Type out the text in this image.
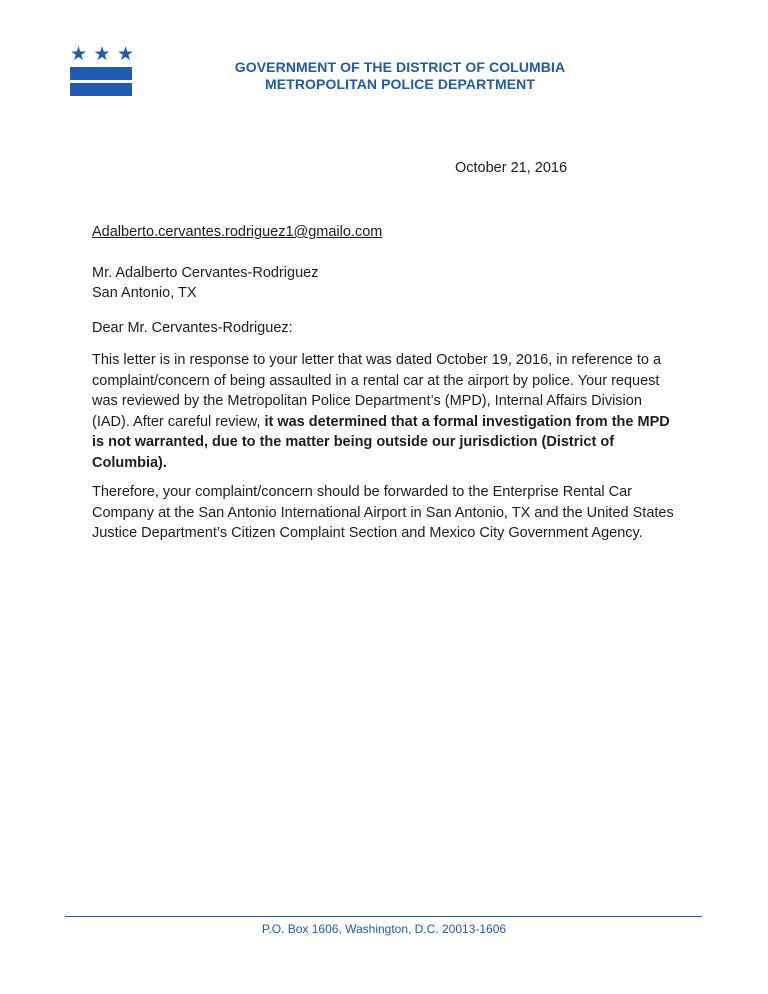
★ ★ ★
GOVERNMENT OF THE DISTRICT OF COLUMBIA
METROPOLITAN POLICE DEPARTMENT
October 21, 2016
Adalberto.cervantes.rodriguez1@gmailo.com
Mr. Adalberto Cervantes-Rodriguez
San Antonio, TX
Dear Mr. Cervantes-Rodriguez:

This letter is in response to your letter that was dated October 19, 2016, in reference to a complaint/concern of being assaulted in a rental car at the airport by police. Your request was reviewed by the Metropolitan Police Department’s (MPD), Internal Affairs Division (IAD). After careful review, it was determined that a formal investigation from the MPD is not warranted, due to the matter being outside our jurisdiction (District of Columbia).

Therefore, your complaint/concern should be forwarded to the Enterprise Rental Car Company at the San Antonio International Airport in San Antonio, TX and the United States Justice Department’s Citizen Complaint Section and Mexico City Government Agency.

P.O. Box 1606, Washington, D.C. 20013-1606
